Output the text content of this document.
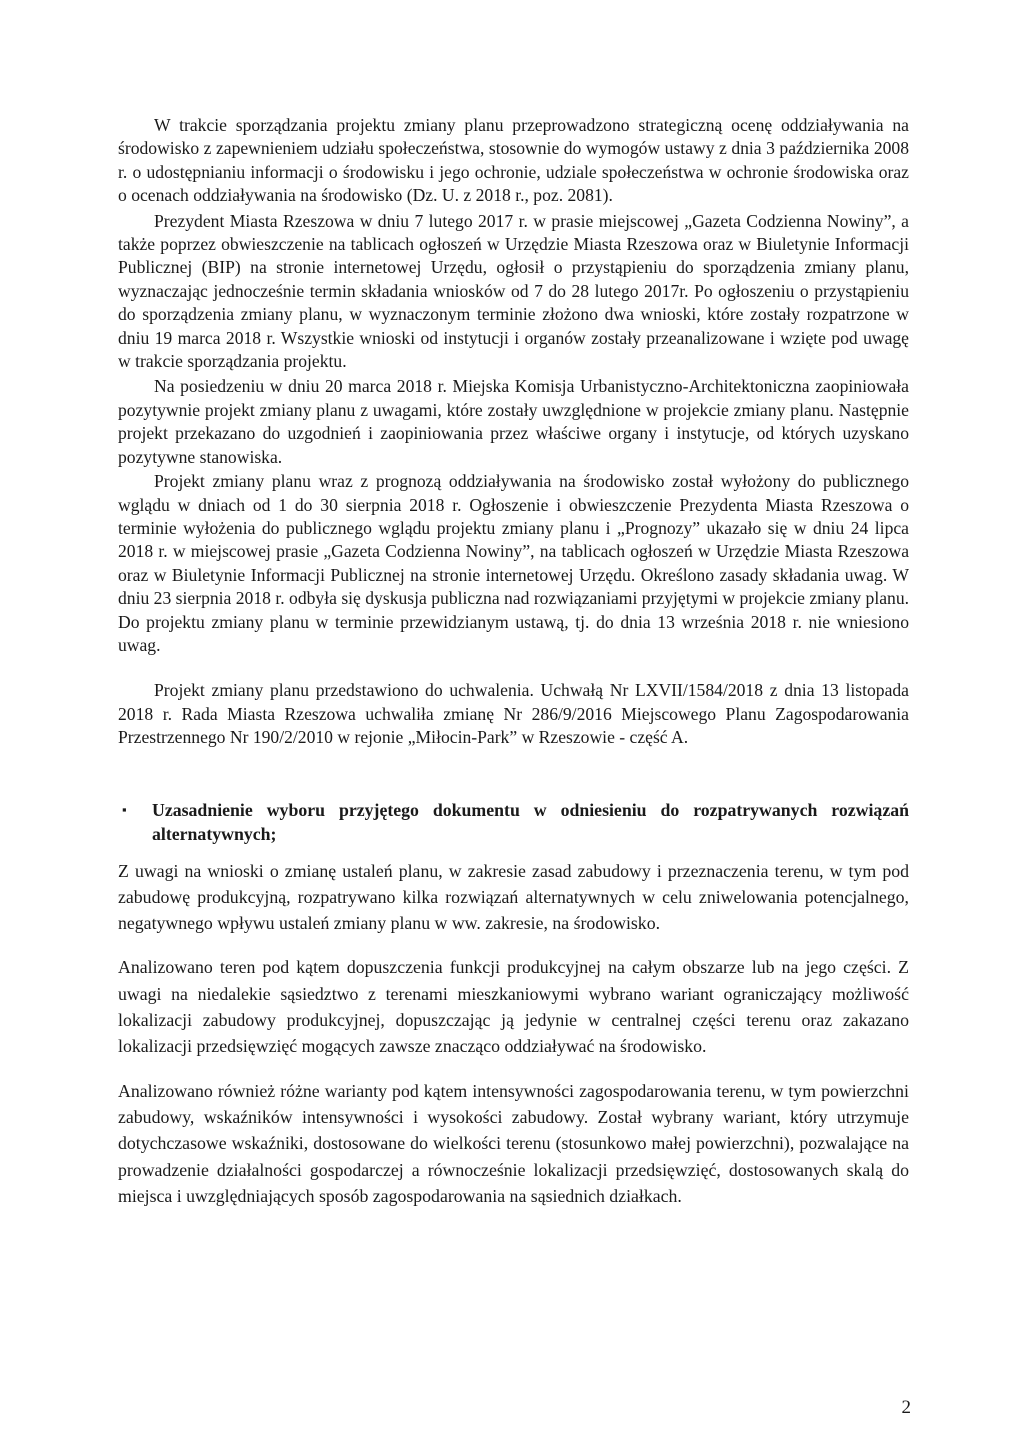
W trakcie sporządzania projektu zmiany planu przeprowadzono strategiczną ocenę oddziaływania na środowisko z zapewnieniem udziału społeczeństwa, stosownie do wymogów ustawy z dnia 3 października 2008 r. o udostępnianiu informacji o środowisku i jego ochronie, udziale społeczeństwa w ochronie środowiska oraz o ocenach oddziaływania na środowisko (Dz. U. z 2018 r., poz. 2081).

Prezydent Miasta Rzeszowa w dniu 7 lutego 2017 r. w prasie miejscowej „Gazeta Codzienna Nowiny”, a także poprzez obwieszczenie na tablicach ogłoszeń w Urzędzie Miasta Rzeszowa oraz w Biuletynie Informacji Publicznej (BIP) na stronie internetowej Urzędu, ogłosił o przystąpieniu do sporządzenia zmiany planu, wyznaczając jednocześnie termin składania wniosków od 7 do 28 lutego 2017r. Po ogłoszeniu o przystąpieniu do sporządzenia zmiany planu, w wyznaczonym terminie złożono dwa wnioski, które zostały rozpatrzone w dniu 19 marca 2018 r. Wszystkie wnioski od instytucji i organów zostały przeanalizowane i wzięte pod uwagę w trakcie sporządzania projektu.

Na posiedzeniu w dniu 20 marca 2018 r. Miejska Komisja Urbanistyczno-Architektoniczna zaopiniowała pozytywnie projekt zmiany planu z uwagami, które zostały uwzględnione w projekcie zmiany planu. Następnie projekt przekazano do uzgodnień i zaopiniowania przez właściwe organy i instytucje, od których uzyskano pozytywne stanowiska.

Projekt zmiany planu wraz z prognozą oddziaływania na środowisko został wyłożony do publicznego wglądu w dniach od 1 do 30 sierpnia 2018 r. Ogłoszenie i obwieszczenie Prezydenta Miasta Rzeszowa o terminie wyłożenia do publicznego wglądu projektu zmiany planu i „Prognozy” ukazało się w dniu 24 lipca 2018 r. w miejscowej prasie „Gazeta Codzienna Nowiny”, na tablicach ogłoszeń w Urzędzie Miasta Rzeszowa oraz w Biuletynie Informacji Publicznej na stronie internetowej Urzędu. Określono zasady składania uwag. W dniu 23 sierpnia 2018 r. odbyła się dyskusja publiczna nad rozwiązaniami przyjętymi w projekcie zmiany planu. Do projektu zmiany planu w terminie przewidzianym ustawą, tj. do dnia 13 września 2018 r. nie wniesiono uwag.

Projekt zmiany planu przedstawiono do uchwalenia. Uchwałą Nr LXVII/1584/2018 z dnia 13 listopada 2018 r. Rada Miasta Rzeszowa uchwaliła zmianę Nr 286/9/2016 Miejscowego Planu Zagospodarowania Przestrzennego Nr 190/2/2010 w rejonie „Miłocin-Park” w Rzeszowie - część A.

▪	Uzasadnienie wyboru przyjętego dokumentu w odniesieniu do rozpatrywanych rozwiązań alternatywnych;

Z uwagi na wnioski o zmianę ustaleń planu, w zakresie zasad zabudowy i przeznaczenia terenu, w tym pod zabudowę produkcyjną, rozpatrywano kilka rozwiązań alternatywnych w celu zniwelowania potencjalnego, negatywnego wpływu ustaleń zmiany planu w ww. zakresie, na środowisko.

Analizowano teren pod kątem dopuszczenia funkcji produkcyjnej na całym obszarze lub na jego części. Z uwagi na niedalekie sąsiedztwo z terenami mieszkaniowymi wybrano wariant ograniczający możliwość lokalizacji zabudowy produkcyjnej, dopuszczając ją jedynie w centralnej części terenu oraz zakazano lokalizacji przedsięwzięć mogących zawsze znacząco oddziaływać na środowisko.

Analizowano również różne warianty pod kątem intensywności zagospodarowania terenu, w tym powierzchni zabudowy, wskaźników intensywności i wysokości zabudowy. Został wybrany wariant, który utrzymuje dotychczasowe wskaźniki, dostosowane do wielkości terenu (stosunkowo małej powierzchni), pozwalające na prowadzenie działalności gospodarczej a równocześnie lokalizacji przedsięwzięć, dostosowanych skalą do miejsca i uwzględniających sposób zagospodarowania na sąsiednich działkach.

2
